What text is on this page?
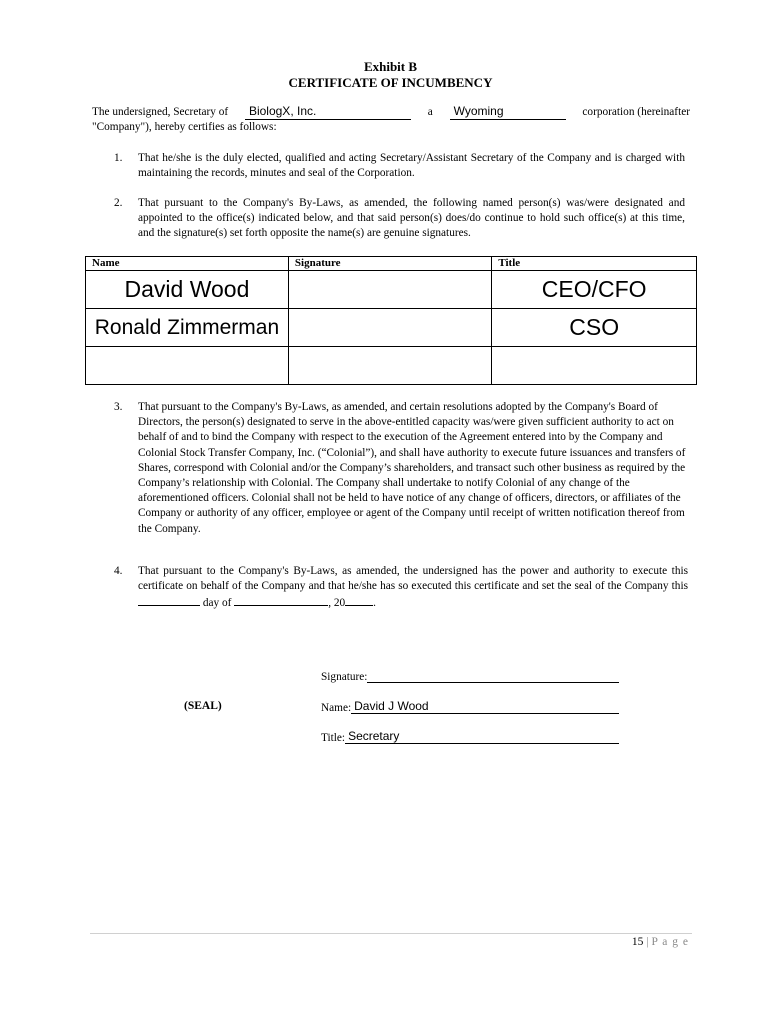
Exhibit B
CERTIFICATE OF INCUMBENCY
The undersigned, Secretary of	BiologX, Inc.	a	Wyoming	corporation (hereinafter
"Company"), hereby certifies as follows:
1. That he/she is the duly elected, qualified and acting Secretary/Assistant Secretary of the Company and is charged with maintaining the records, minutes and seal of the Corporation.
2. That pursuant to the Company's By-Laws, as amended, the following named person(s) was/were designated and appointed to the office(s) indicated below, and that said person(s) does/do continue to hold such office(s) at this time, and the signature(s) set forth opposite the name(s) are genuine signatures.
Name	Signature	Title
David Wood		CEO/CFO
Ronald Zimmerman		CSO

3. That pursuant to the Company's By-Laws, as amended, and certain resolutions adopted by the Company's Board of Directors, the person(s) designated to serve in the above-entitled capacity was/were given sufficient authority to act on behalf of and to bind the Company with respect to the execution of the Agreement entered into by the Company and Colonial Stock Transfer Company, Inc. (“Colonial”), and shall have authority to execute future issuances and transfers of Shares, correspond with Colonial and/or the Company’s shareholders, and transact such other business as required by the Company’s relationship with Colonial. The Company shall undertake to notify Colonial of any change of the aforementioned officers. Colonial shall not be held to have notice of any change of officers, directors, or affiliates of the Company or authority of any officer, employee or agent of the Company until receipt of written notification thereof from the Company.
4. That pursuant to the Company's By-Laws, as amended, the undersigned has the power and authority to execute this certificate on behalf of the Company and that he/she has so executed this certificate and set the seal of the Company this  day of	, 20 .
Signature:
(SEAL)	Name: David J Wood
Title: Secretary
15 | P a g e
